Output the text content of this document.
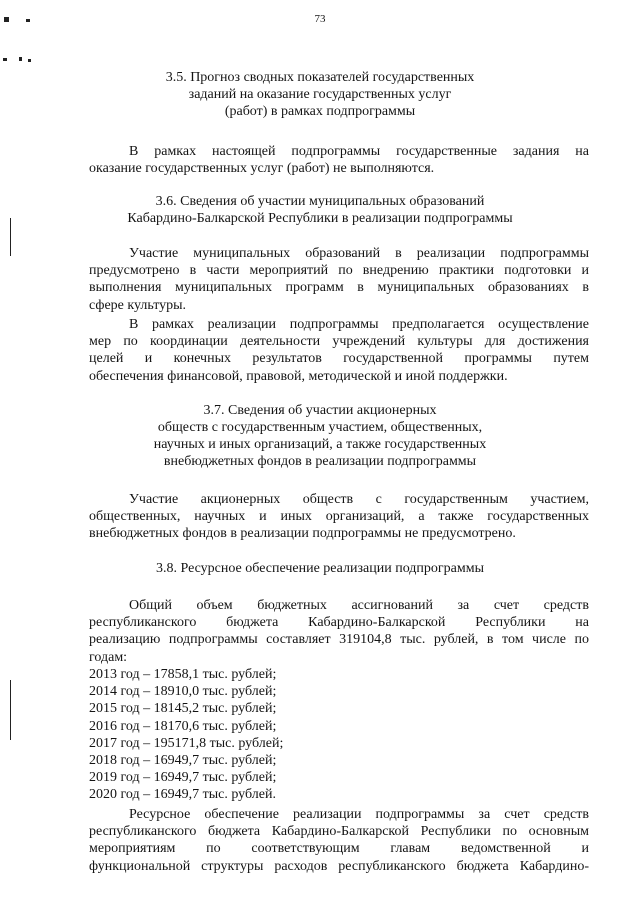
73
3.5. Прогноз сводных показателей государственных
заданий на оказание государственных услуг
(работ) в рамках подпрограммы
В рамках настоящей подпрограммы государственные задания на
оказание государственных услуг (работ) не выполняются.
3.6. Сведения об участии муниципальных образований
Кабардино-Балкарской Республики в реализации подпрограммы
Участие муниципальных образований в реализации подпрограммы
предусмотрено в части мероприятий по внедрению практики подготовки и
выполнения муниципальных программ в муниципальных образованиях в
сфере культуры.
В рамках реализации подпрограммы предполагается осуществление
мер по координации деятельности учреждений культуры для достижения
целей и конечных результатов государственной программы путем
обеспечения финансовой, правовой, методической и иной поддержки.
3.7. Сведения об участии акционерных
обществ с государственным участием, общественных,
научных и иных организаций, а также государственных
внебюджетных фондов в реализации подпрограммы
Участие акционерных обществ с государственным участием,
общественных, научных и иных организаций, а также государственных
внебюджетных фондов в реализации подпрограммы не предусмотрено.
3.8. Ресурсное обеспечение реализации подпрограммы
Общий объем бюджетных ассигнований за счет средств
республиканского бюджета Кабардино-Балкарской Республики на
реализацию подпрограммы составляет 319104,8 тыс. рублей, в том числе по
годам:
2013 год – 17858,1 тыс. рублей;
2014 год – 18910,0 тыс. рублей;
2015 год – 18145,2 тыс. рублей;
2016 год – 18170,6 тыс. рублей;
2017 год – 195171,8 тыс. рублей;
2018 год – 16949,7 тыс. рублей;
2019 год – 16949,7 тыс. рублей;
2020 год – 16949,7 тыс. рублей.
Ресурсное обеспечение реализации подпрограммы за счет средств
республиканского бюджета Кабардино-Балкарской Республики по основным
мероприятиям по соответствующим главам ведомственной и
функциональной структуры расходов республиканского бюджета Кабардино-
